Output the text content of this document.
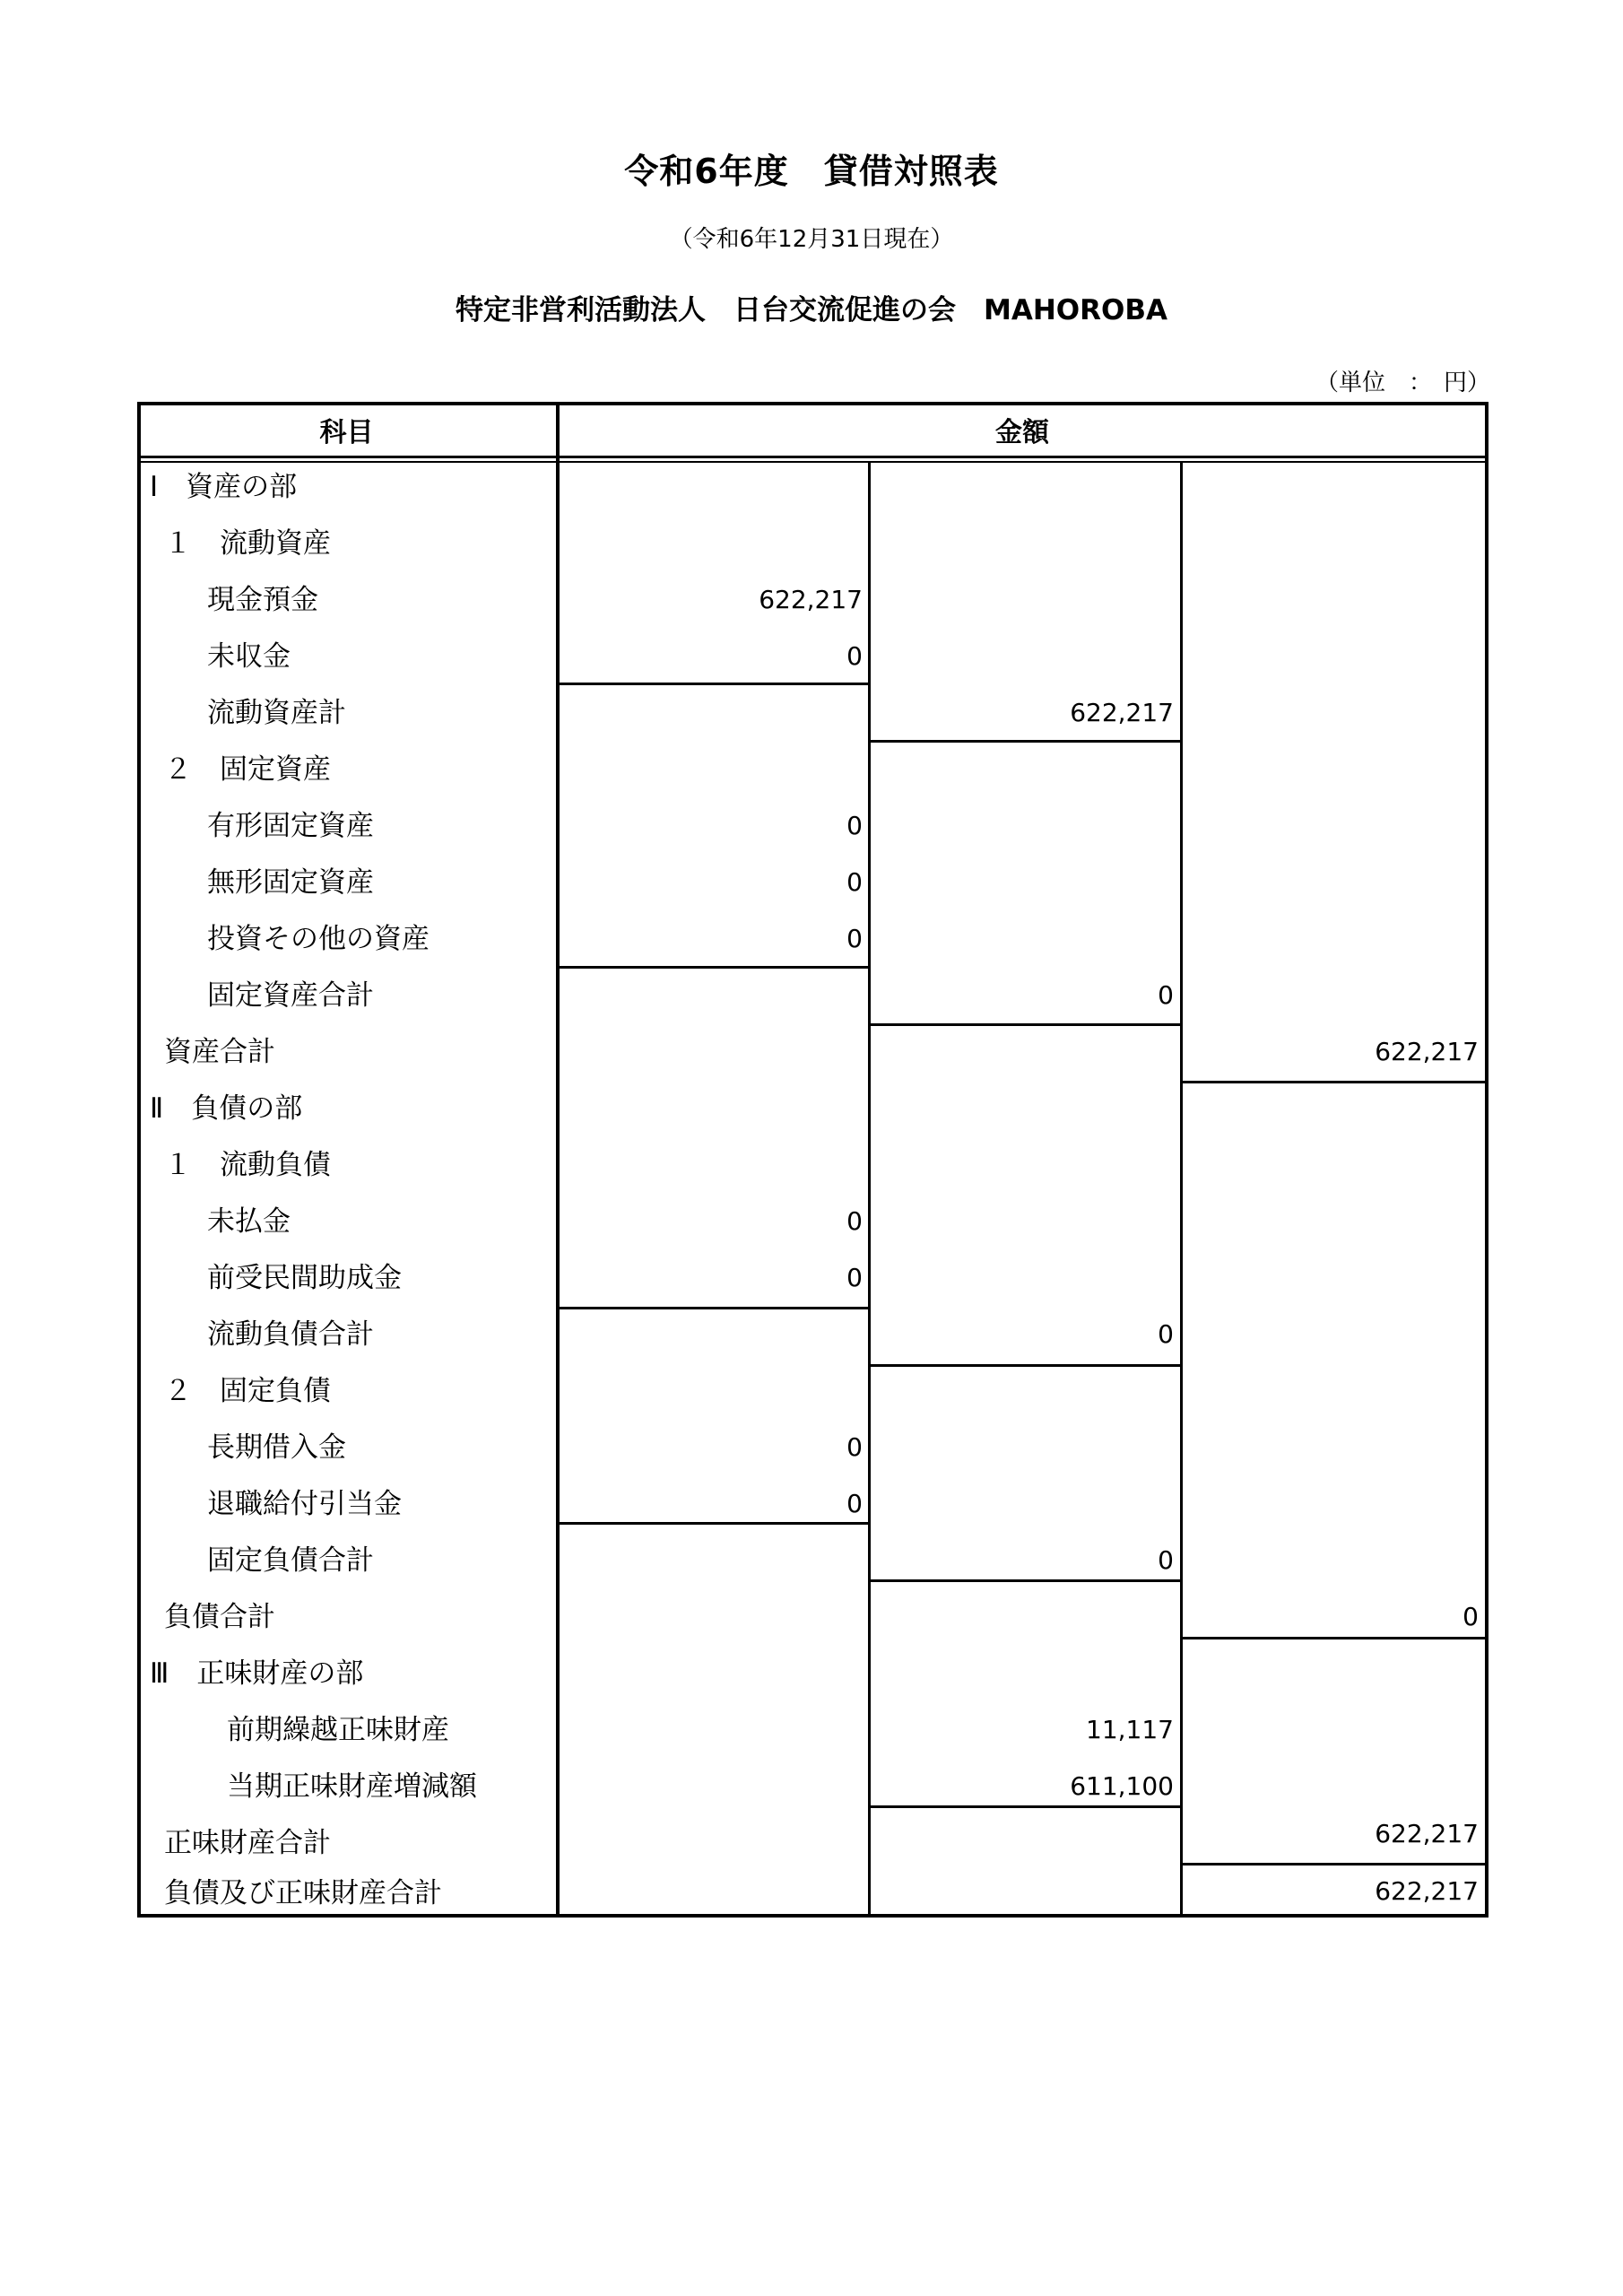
令和6年度　貸借対照表
（令和6年12月31日現在）
特定非営利活動法人　日台交流促進の会　MAHOROBA
（単位　：　円）
科目	金額
Ⅰ　資産の部
１　流動資産
現金預金
未収金
流動資産計
２　固定資産
有形固定資産
無形固定資産
投資その他の資産
固定資産合計
資産合計
Ⅱ　負債の部
１　流動負債
未払金
前受民間助成金
流動負債合計
２　固定負債
長期借入金
退職給付引当金
固定負債合計
負債合計
Ⅲ　正味財産の部
前期繰越正味財産
当期正味財産増減額
正味財産合計
負債及び正味財産合計
622,217
0
0
0
0
0
0
0
0
622,217
0
0
0
11,117
611,100
622,217
0
622,217
622,217
